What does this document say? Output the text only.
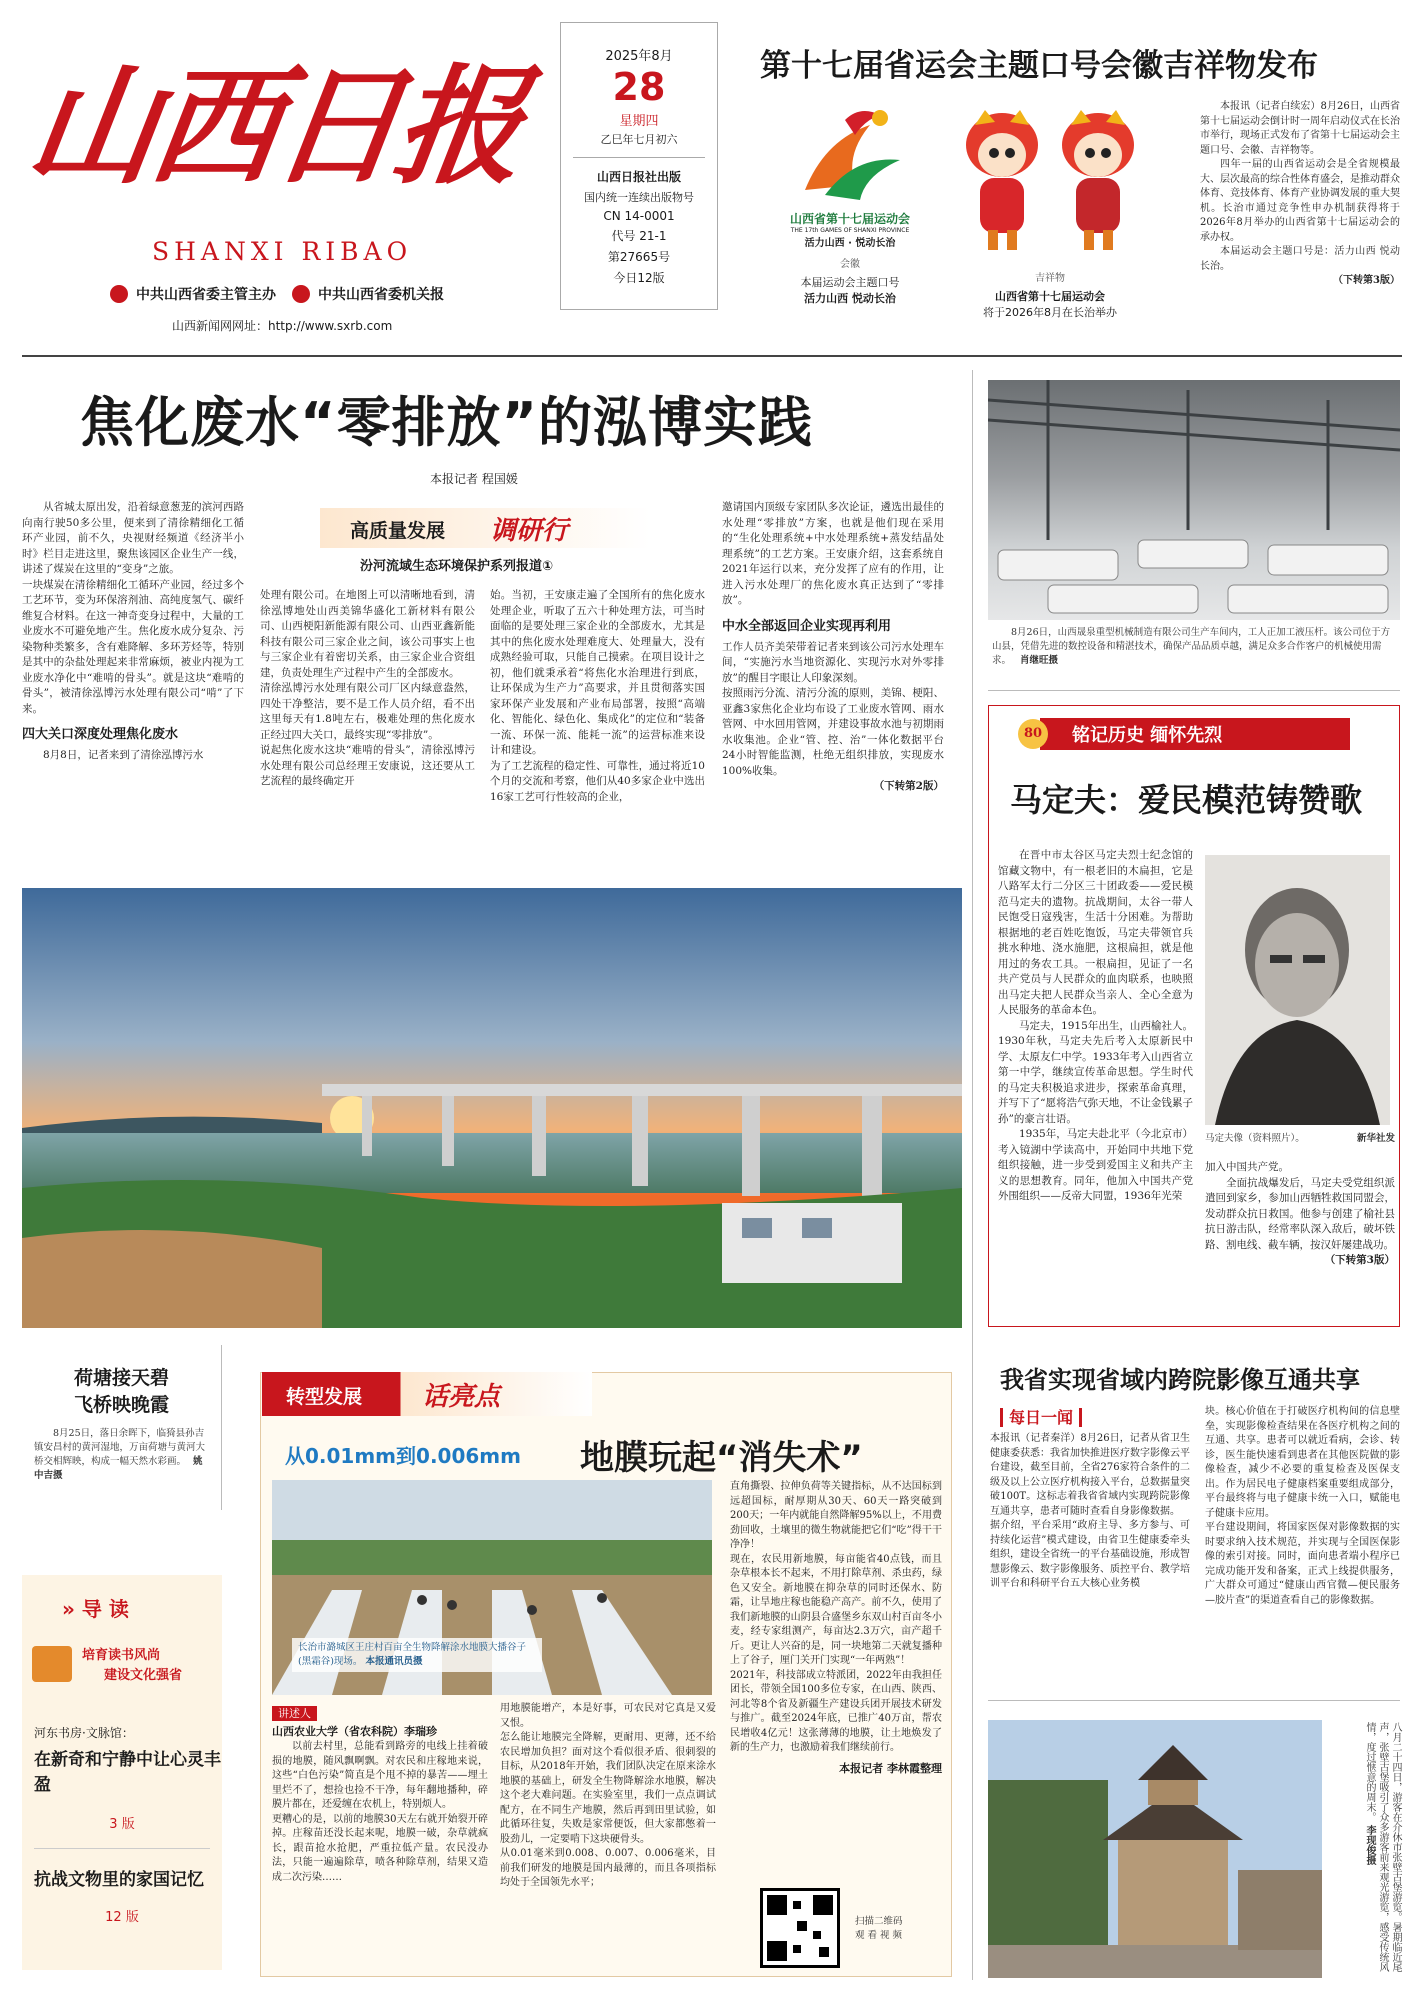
山西日报
SHANXI RIBAO
中共山西省委主管主办	中共山西省委机关报
山西新闻网网址：http://www.sxrb.com
2025年8月
28
星期四
乙巳年七月初六
山西日报社出版
国内统一连续出版物号
CN 14-0001
代号 21-1
第27665号
今日12版
第十七届省运会主题口号会徽吉祥物发布
山西省第十七届运动会
THE 17th GAMES OF SHANXI PROVINCE
活力山西 · 悦动长治
会徽
本届运动会主题口号
活力山西 悦动长治
吉祥物
山西省第十七届运动会
将于2026年8月在长治举办

本报讯（记者白续宏）8月26日，山西省第十七届运动会倒计时一周年启动仪式在长治市举行，现场正式发布了省第十七届运动会主题口号、会徽、吉祥物等。

四年一届的山西省运动会是全省规模最大、层次最高的综合性体育盛会，是推动群众体育、竞技体育、体育产业协调发展的重大契机。长治市通过竞争性申办机制获得将于2026年8月举办的山西省第十七届运动会的承办权。

本届运动会主题口号是：活力山西 悦动长治。

（下转第3版）
焦化废水“零排放”的泓博实践
本报记者 程国媛
高质量发展 调研行
汾河流域生态环境保护系列报道①
从省城太原出发，沿着绿意葱茏的滨河西路向南行驶50多公里，便来到了清徐精细化工循环产业园，前不久，央视财经频道《经济半小时》栏目走进这里，聚焦该园区企业生产一线，讲述了煤炭在这里的“变身”之旅。
一块煤炭在清徐精细化工循环产业园，经过多个工艺环节，变为环保溶剂油、高纯度氢气、碳纤维复合材料。在这一神奇变身过程中，大量的工业废水不可避免地产生。焦化废水成分复杂、污染物种类繁多，含有难降解、多环芳烃等，特别是其中的杂盐处理起来非常麻烦，被业内视为工业废水净化中“难啃的骨头”。就是这块“难啃的骨头”，被清徐泓博污水处理有限公司“啃”了下来。
四大关口深度处理焦化废水
8月8日，记者来到了清徐泓博污水
处理有限公司。在地图上可以清晰地看到，清徐泓博地处山西美锦华盛化工新材料有限公司、山西梗阳新能源有限公司、山西亚鑫新能科技有限公司三家企业之间，该公司事实上也与三家企业有着密切关系，由三家企业合资组建，负责处理生产过程中产生的全部废水。
清徐泓博污水处理有限公司厂区内绿意盎然，四处干净整洁，要不是工作人员介绍，看不出这里每天有1.8吨左右，极难处理的焦化废水正经过四大关口，最终实现“零排放”。
说起焦化废水这块“难啃的骨头”，清徐泓博污水处理有限公司总经理王安康说，这还要从工艺流程的最终确定开
始。当初，王安康走遍了全国所有的焦化废水处理企业，听取了五六十种处理方法，可当时面临的是要处理三家企业的全部废水，尤其是其中的焦化废水处理难度大、处理量大，没有成熟经验可取，只能自己摸索。在项目设计之初，他们就秉承着“将焦化水治理进行到底，让环保成为生产力”高要求，并且贯彻落实国家环保产业发展和产业布局部署，按照“高端化、智能化、绿色化、集成化”的定位和“装备一流、环保一流、能耗一流”的运营标准来设计和建设。
为了工艺流程的稳定性、可靠性，通过将近10个月的交流和考察，他们从40多家企业中选出16家工艺可行性较高的企业，
邀请国内顶级专家团队多次论证，遴选出最佳的水处理“零排放”方案，也就是他们现在采用的“生化处理系统+中水处理系统+蒸发结晶处理系统”的工艺方案。王安康介绍，这套系统自2021年运行以来，充分发挥了应有的作用，让进入污水处理厂的焦化废水真正达到了“零排放”。
中水全部返回企业实现再利用
工作人员齐美荣带着记者来到该公司污水处理车间，“实施污水当地资源化、实现污水对外零排放”的醒目字眼让人印象深刻。
按照雨污分流、清污分流的原则，美锦、梗阳、亚鑫3家焦化企业均布设了工业废水管网、雨水管网、中水回用管网，并建设事故水池与初期雨水收集池。企业“管、控、治”一体化数据平台24小时智能监测，杜绝无组织排放，实现废水100%收集。
（下转第2版）
8月26日，山西晟泉重型机械制造有限公司生产车间内，工人正加工液压杆。该公司位于方山县，凭借先进的数控设备和精湛技术，确保产品品质卓越，满足众多合作客户的机械使用需求。 肖继旺摄
80	铭记历史 缅怀先烈
马定夫：爱民模范铸赞歌

在晋中市太谷区马定夫烈士纪念馆的馆藏文物中，有一根老旧的木扁担，它是八路军太行二分区三十团政委——爱民模范马定夫的遗物。抗战期间，太谷一带人民饱受日寇残害，生活十分困难。为帮助根据地的老百姓吃饱饭，马定夫带领官兵挑水种地、浇水施肥，这根扁担，就是他用过的务农工具。一根扁担，见证了一名共产党员与人民群众的血肉联系，也映照出马定夫把人民群众当亲人、全心全意为人民服务的革命本色。

马定夫，1915年出生，山西榆社人。1930年秋，马定夫先后考入太原新民中学、太原友仁中学。1933年考入山西省立第一中学，继续宣传革命思想。学生时代的马定夫积极追求进步，探索革命真理，并写下了“愿将浩气弥天地，不让金钱累子孙”的豪言壮语。

1935年，马定夫赴北平（今北京市）考入镜湖中学读高中，开始同中共地下党组织接触，进一步受到爱国主义和共产主义的思想教育。同年，他加入中国共产党外围组织——反帝大同盟，1936年光荣

马定夫像（资料照片）。	新华社发

加入中国共产党。

全面抗战爆发后，马定夫受党组织派遣回到家乡，参加山西牺牲救国同盟会，发动群众抗日救国。他参与创建了榆社县抗日游击队，经常率队深入敌后，破坏铁路、割电线、截车辆，按汉奸屡建战功。

（下转第3版）
荷塘接天碧
飞桥映晚霞
8月25日，落日余晖下，临猗县孙吉镇安昌村的黄河湿地，万亩荷塘与黄河大桥交相辉映，构成一幅天然水彩画。 姚中吉摄
» 导 读
培育读书风尚
建设文化强省
河东书房·文脉馆：
在新奇和宁静中让心灵丰盈
3 版
抗战文物里的家国记忆
12 版
转型发展 话亮点
从0.01mm到0.006mm 地膜玩起“消失术”
长治市潞城区王庄村百亩全生物降解涂水地膜大播谷子(黑霜谷)现场。 本报通讯员摄
讲述人
山西农业大学（省农科院）李瑞珍
以前去村里，总能看到路旁的电线上挂着破损的地膜，随风飘啊飘。对农民和庄稼地来说，这些“白色污染”简直是个甩不掉的暴苦——埋土里烂不了，想捡也捡不干净，每年翻地播种，碎膜片都在，还爱缠在农机上，特别烦人。
更糟心的是，以前的地膜30天左右就开始裂开碎掉。庄稼苗还没长起来呢，地膜一破，杂草就疯长，跟苗抢水抢肥，严重拉低产量。农民没办法，只能一遍遍除草，喷各种除草剂，结果又造成二次污染……
用地膜能增产，本是好事，可农民对它真是又爱又恨。
怎么能让地膜完全降解，更耐用、更薄，还不给农民增加负担？面对这个看似很矛盾、很刺裂的目标，从2018年开始，我们团队决定在原来涂水地膜的基础上，研发全生物降解涂水地膜，解决这个老大难问题。在实验室里，我们一点点调试配方，在不同生产地膜，然后再到田里试验，如此循环往复，失败是家常便饭，但大家都憋着一股劲儿，一定要啃下这块硬骨头。
从0.01毫米到0.008、0.007、0.006毫米，目前我们研发的地膜是国内最薄的，而且各项指标均处于全国领先水平；
直角撕裂、拉伸负荷等关键指标，从不达国标到远超国标，耐厚期从30天、60天一路突破到200天；一年内就能自然降解95%以上，不用费劲回收，土壤里的微生物就能把它们“吃”得干干净净！
现在，农民用新地膜，每亩能省40点钱，而且杂草根本长不起来，不用打除草剂、杀虫药，绿色又安全。新地膜在抑杂草的同时还保水、防霜，让旱地庄稼也能稳产高产。前不久，使用了我们新地膜的山阴县合盛堡乡东双山村百亩冬小麦，经专家组测产，每亩达2.3万穴，亩产超千斤。更让人兴奋的是，同一块地第二天就复播种上了谷子，厘门关开门实现“一年两熟”！
2021年，科技部成立特派团，2022年由我担任团长，带领全国100多位专家，在山西、陕西、河北等8个省及新疆生产建设兵团开展技术研发与推广。截至2024年底，已推广40万亩，帮农民增收4亿元！这张薄薄的地膜，让土地焕发了新的生产力，也激励着我们继续前行。
本报记者 李林霞整理
扫描二维码
观 看 视 频
我省实现省域内跨院影像互通共享
每日一闻
本报讯（记者秦洋）8月26日，记者从省卫生健康委获悉：我省加快推进医疗数字影像云平台建设，截至目前，全省276家符合条件的二级及以上公立医疗机构接入平台，总数据量突破100T。这标志着我省省域内实现跨院影像互通共享，患者可随时查看自身影像数据。
据介绍，平台采用“政府主导、多方参与、可持续化运营”模式建设，由省卫生健康委牵头组织，建设全省统一的平台基础设施，形成智慧影像云、数字影像服务、质控平台、教学培训平台和科研平台五大核心业务模
块。核心价值在于打破医疗机构间的信息壁垒，实现影像检查结果在各医疗机构之间的互通、共享。患者可以就近看病，会诊、转诊，医生能快速看到患者在其他医院做的影像检查，减少不必要的重复检查及医保支出。作为居民电子健康档案重要组成部分，平台最终将与电子健康卡统一入口，赋能电子健康卡应用。
平台建设期间，将国家医保对影像数据的实时要求纳入技术规范，并实现与全国医保影像的索引对接。同时，面向患者端小程序已完成功能开发和备案，正式上线提供服务，广大群众可通过“健康山西官微—便民服务—胶片查”的渠道查看自己的影像数据。
八月二十四日，游客在介休市张壁古堡游览。暑期临近尾声，张壁古堡吸引了众多游客前来观光游览，感受传统风情，度过惬意的周末。 李现俊摄
